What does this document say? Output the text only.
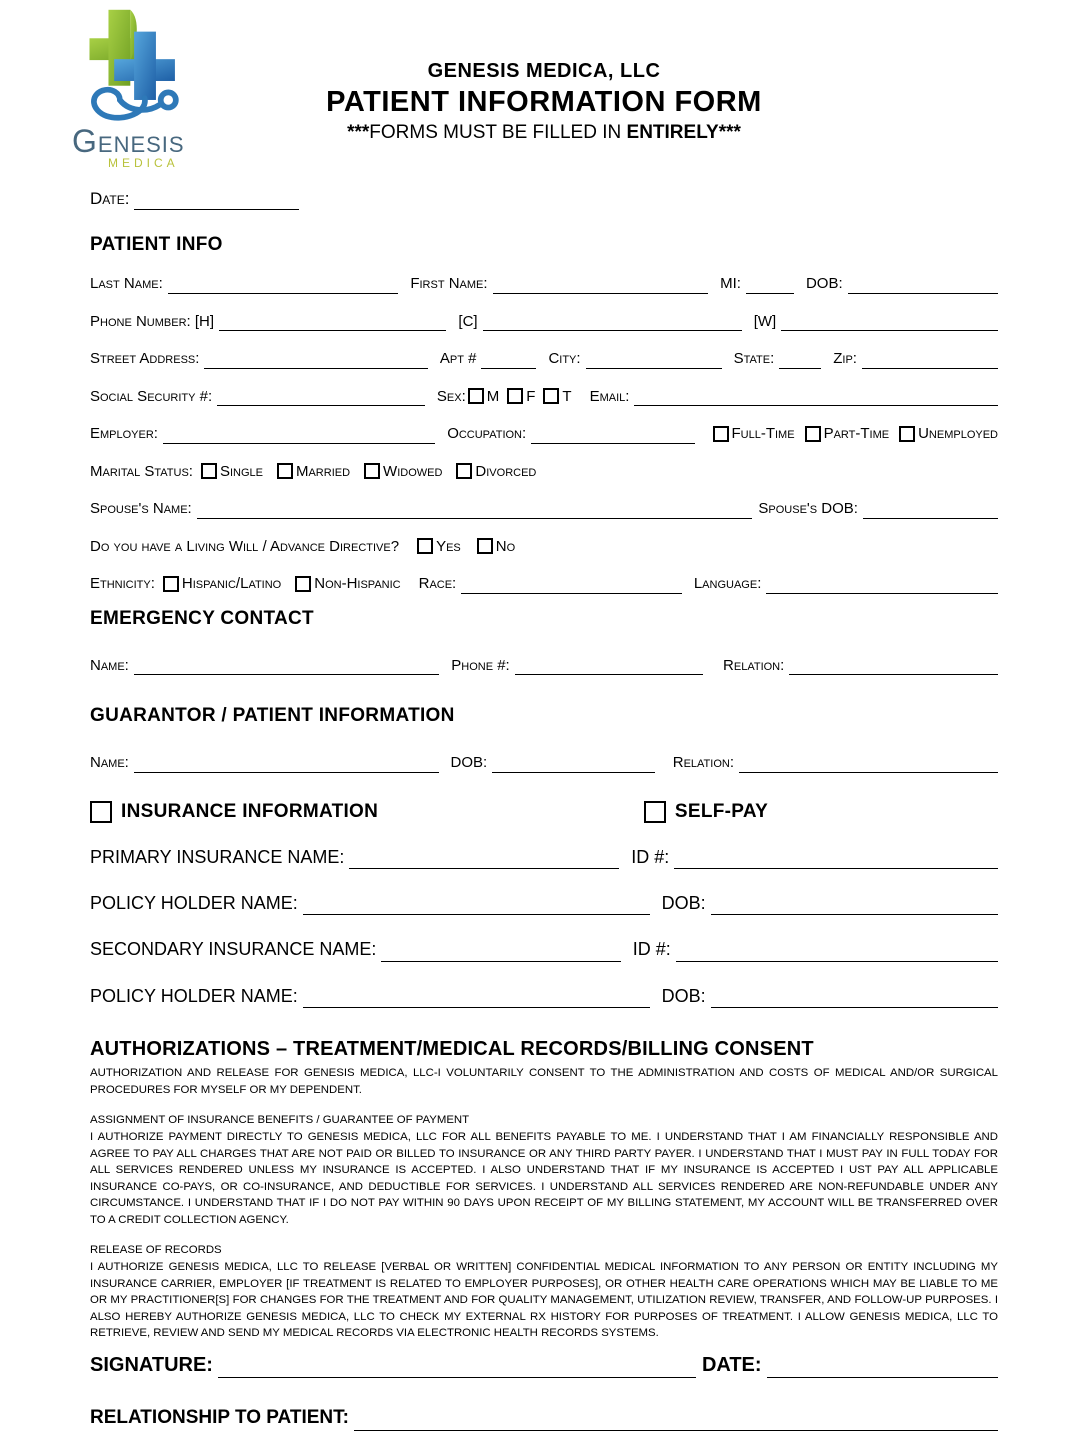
GENESIS
MEDICA
GENESIS MEDICA, LLC
PATIENT INFORMATION FORM
***FORMS MUST BE FILLED IN ENTIRELY***
Date:
PATIENT INFO
Last Name:	First Name:	MI:	DOB:
Phone Number: [H]	[C]	[W]
Street Address:	Apt #	City:	State:	Zip:
Social Security #:	Sex: M F T Email:
Employer:	Occupation:	Full-Time Part-Time Unemployed
Marital Status: Single Married Widowed Divorced
Spouse's Name:	Spouse's DOB:
Do you have a Living Will / Advance Directive? Yes No
Ethnicity: Hispanic/Latino Non-Hispanic Race:	Language:
EMERGENCY CONTACT
Name:	Phone #:	Relation:
GUARANTOR / PATIENT INFORMATION
Name:	DOB:	Relation:
INSURANCE INFORMATION	SELF-PAY
PRIMARY INSURANCE NAME:	ID #:
POLICY HOLDER NAME:	DOB:
SECONDARY INSURANCE NAME:	ID #:
POLICY HOLDER NAME:	DOB:
AUTHORIZATIONS – TREATMENT/MEDICAL RECORDS/BILLING CONSENT
AUTHORIZATION AND RELEASE FOR GENESIS MEDICA, LLC-I VOLUNTARILY CONSENT TO THE ADMINISTRATION AND COSTS OF MEDICAL AND/OR SURGICAL PROCEDURES FOR MYSELF OR MY DEPENDENT.
ASSIGNMENT OF INSURANCE BENEFITS / GUARANTEE OF PAYMENT
I AUTHORIZE PAYMENT DIRECTLY TO GENESIS MEDICA, LLC FOR ALL BENEFITS PAYABLE TO ME. I UNDERSTAND THAT I AM FINANCIALLY RESPONSIBLE AND AGREE TO PAY ALL CHARGES THAT ARE NOT PAID OR BILLED TO INSURANCE OR ANY THIRD PARTY PAYER. I UNDERSTAND THAT I MUST PAY IN FULL TODAY FOR ALL SERVICES RENDERED UNLESS MY INSURANCE IS ACCEPTED. I ALSO UNDERSTAND THAT IF MY INSURANCE IS ACCEPTED I UST PAY ALL APPLICABLE INSURANCE CO-PAYS, OR CO-INSURANCE, AND DEDUCTIBLE FOR SERVICES. I UNDERSTAND ALL SERVICES RENDERED ARE NON-REFUNDABLE UNDER ANY CIRCUMSTANCE. I UNDERSTAND THAT IF I DO NOT PAY WITHIN 90 DAYS UPON RECEIPT OF MY BILLING STATEMENT, MY ACCOUNT WILL BE TRANSFERRED OVER TO A CREDIT COLLECTION AGENCY.
RELEASE OF RECORDS
I AUTHORIZE GENESIS MEDICA, LLC TO RELEASE [VERBAL OR WRITTEN] CONFIDENTIAL MEDICAL INFORMATION TO ANY PERSON OR ENTITY INCLUDING MY INSURANCE CARRIER, EMPLOYER [IF TREATMENT IS RELATED TO EMPLOYER PURPOSES], OR OTHER HEALTH CARE OPERATIONS WHICH MAY BE LIABLE TO ME OR MY PRACTITIONER[S] FOR CHANGES FOR THE TREATMENT AND FOR QUALITY MANAGEMENT, UTILIZATION REVIEW, TRANSFER, AND FOLLOW-UP PURPOSES. I ALSO HEREBY AUTHORIZE GENESIS MEDICA, LLC TO CHECK MY EXTERNAL RX HISTORY FOR PURPOSES OF TREATMENT. I ALLOW GENESIS MEDICA, LLC TO RETRIEVE, REVIEW AND SEND MY MEDICAL RECORDS VIA ELECTRONIC HEALTH RECORDS SYSTEMS.
SIGNATURE:	DATE:
RELATIONSHIP TO PATIENT:
